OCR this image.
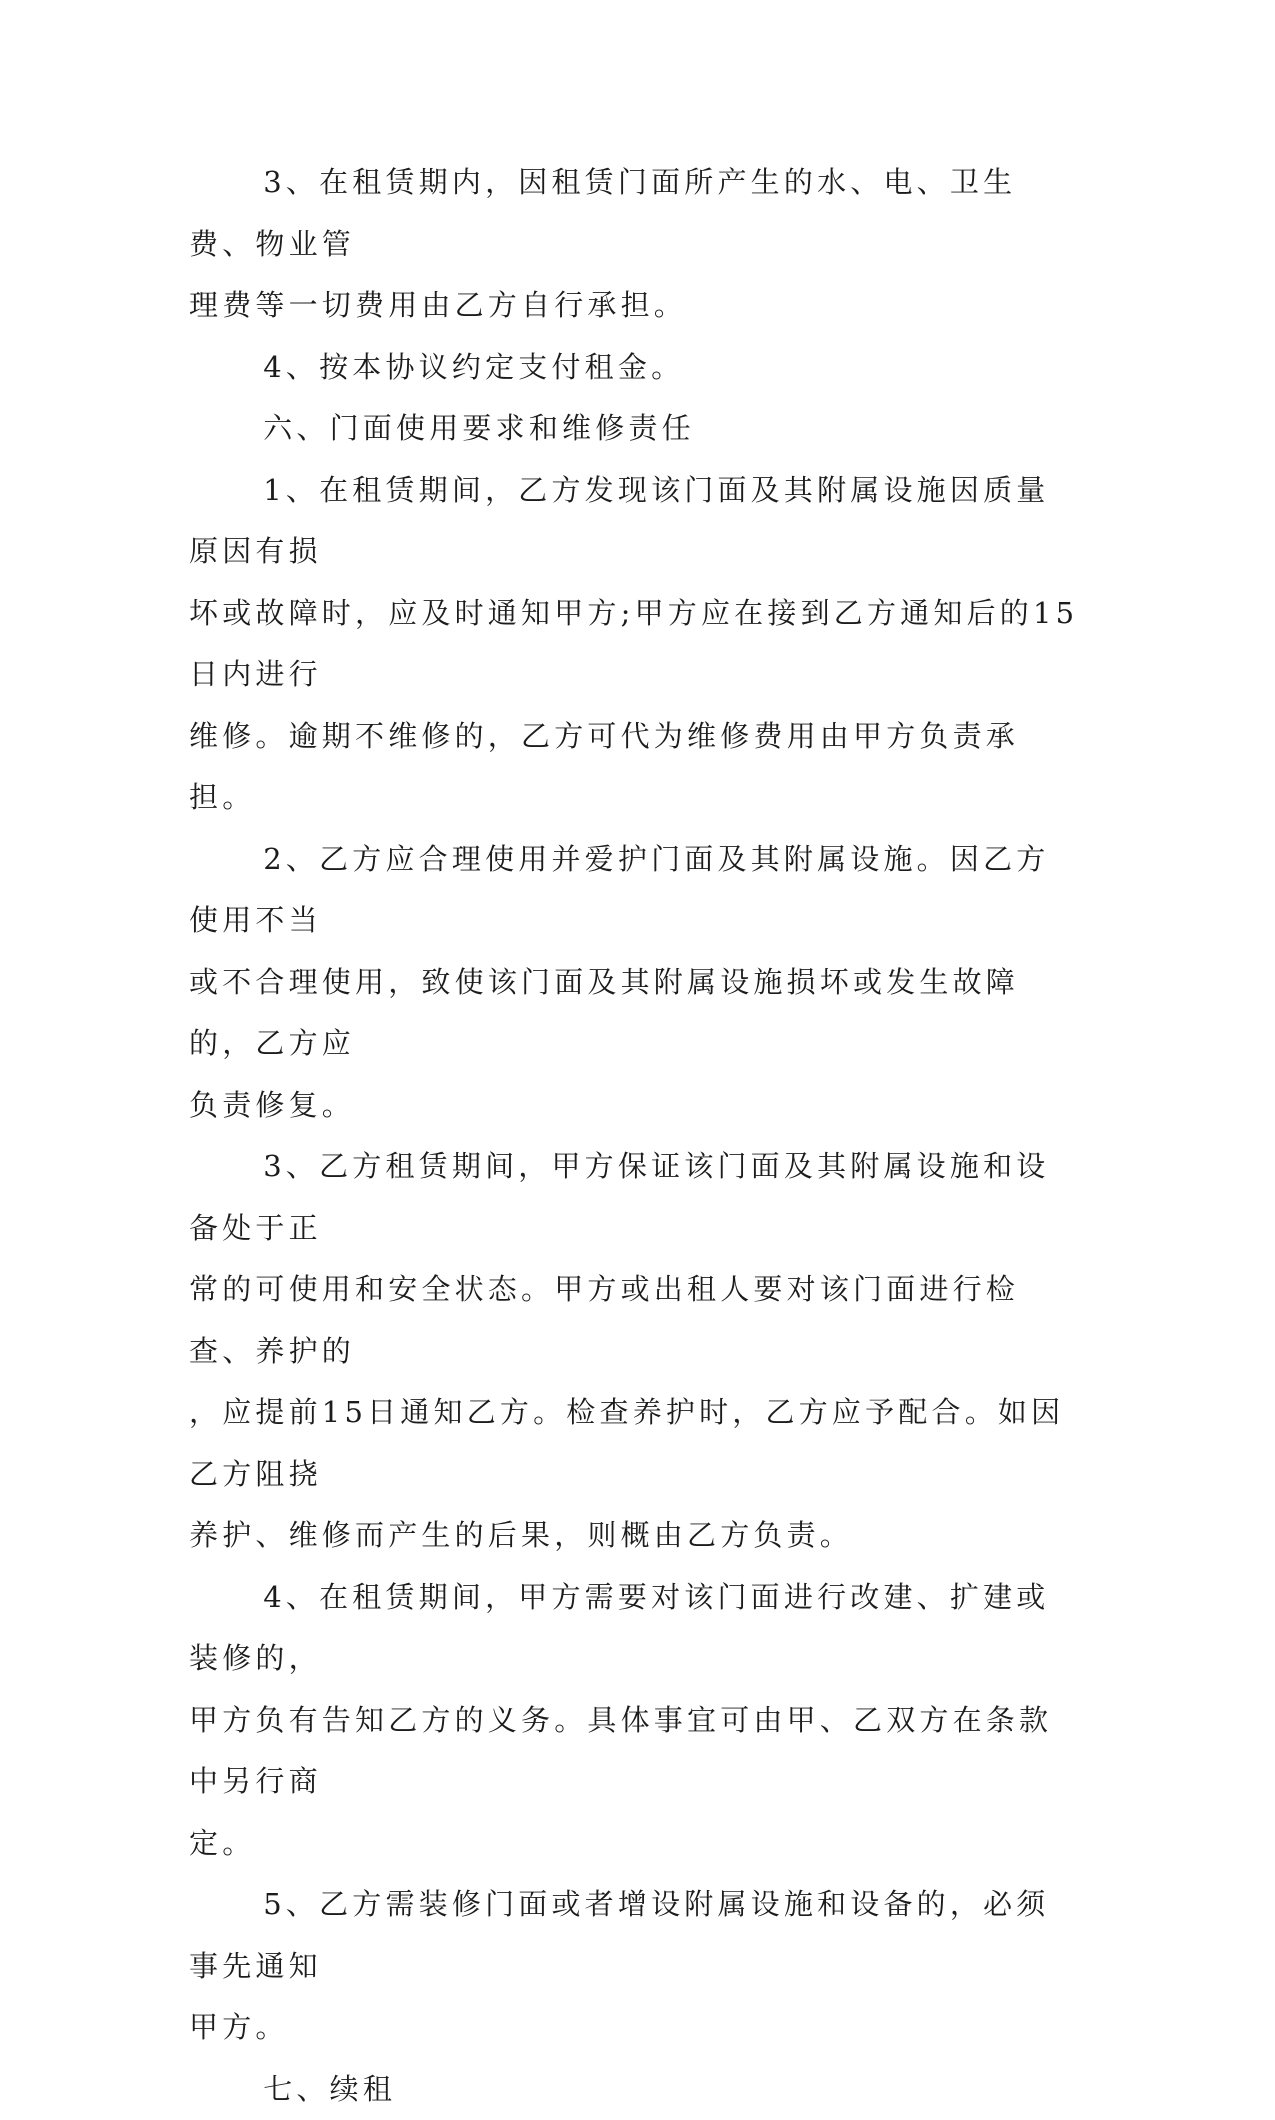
3、在租赁期内，因租赁门面所产生的水、电、卫生费、物业管
理费等一切费用由乙方自行承担。

4、按本协议约定支付租金。

六、门面使用要求和维修责任

1、在租赁期间，乙方发现该门面及其附属设施因质量原因有损
坏或故障时，应及时通知甲方;甲方应在接到乙方通知后的15日内进行
维修。逾期不维修的，乙方可代为维修费用由甲方负责承担。

2、乙方应合理使用并爱护门面及其附属设施。因乙方使用不当
或不合理使用，致使该门面及其附属设施损坏或发生故障的，乙方应
负责修复。

3、乙方租赁期间，甲方保证该门面及其附属设施和设备处于正
常的可使用和安全状态。甲方或出租人要对该门面进行检查、养护的
，应提前15日通知乙方。检查养护时，乙方应予配合。如因乙方阻挠
养护、维修而产生的后果，则概由乙方负责。

4、在租赁期间，甲方需要对该门面进行改建、扩建或装修的，
甲方负有告知乙方的义务。具体事宜可由甲、乙双方在条款中另行商
定。

5、乙方需装修门面或者增设附属设施和设备的，必须事先通知
甲方。

七、续租
